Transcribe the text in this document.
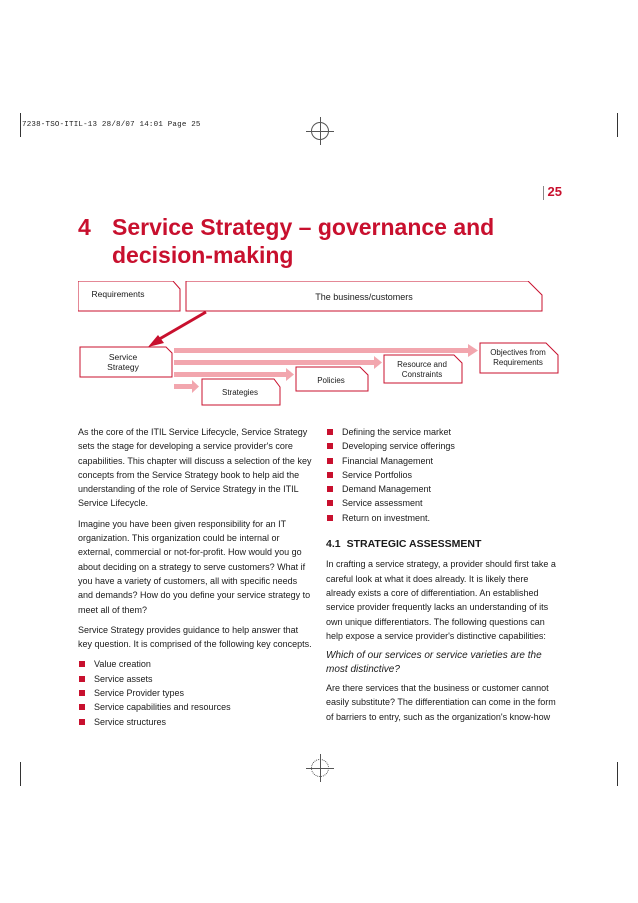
7238-TSO-ITIL-13 28/8/07 14:01 Page 25
25
4 Service Strategy – governance and
decision-making
Requirements	The business/customers
Service
Strategy
Objectives from
Requirements
Resource and
Constraints
Policies
Strategies

As the core of the ITIL Service Lifecycle, Service Strategy sets the stage for developing a service provider's core capabilities. This chapter will discuss a selection of the key concepts from the Service Strategy book to help aid the understanding of the role of Service Strategy in the ITIL Service Lifecycle.

Imagine you have been given responsibility for an IT organization. This organization could be internal or external, commercial or not-for-profit. How would you go about deciding on a strategy to serve customers? What if you have a variety of customers, all with specific needs and demands? How do you define your service strategy to meet all of them?

Service Strategy provides guidance to help answer that key question. It is comprised of the following key concepts.

Value creation
Service assets
Service Provider types
Service capabilities and resources
Service structures
Defining the service market
Developing service offerings
Financial Management
Service Portfolios
Demand Management
Service assessment
Return on investment.
4.1 STRATEGIC ASSESSMENT

In crafting a service strategy, a provider should first take a careful look at what it does already. It is likely there already exists a core of differentiation. An established service provider frequently lacks an understanding of its own unique differentiators. The following questions can help expose a service provider's distinctive capabilities:

Which of our services or service varieties are the most distinctive?

Are there services that the business or customer cannot easily substitute? The differentiation can come in the form of barriers to entry, such as the organization's know-how
